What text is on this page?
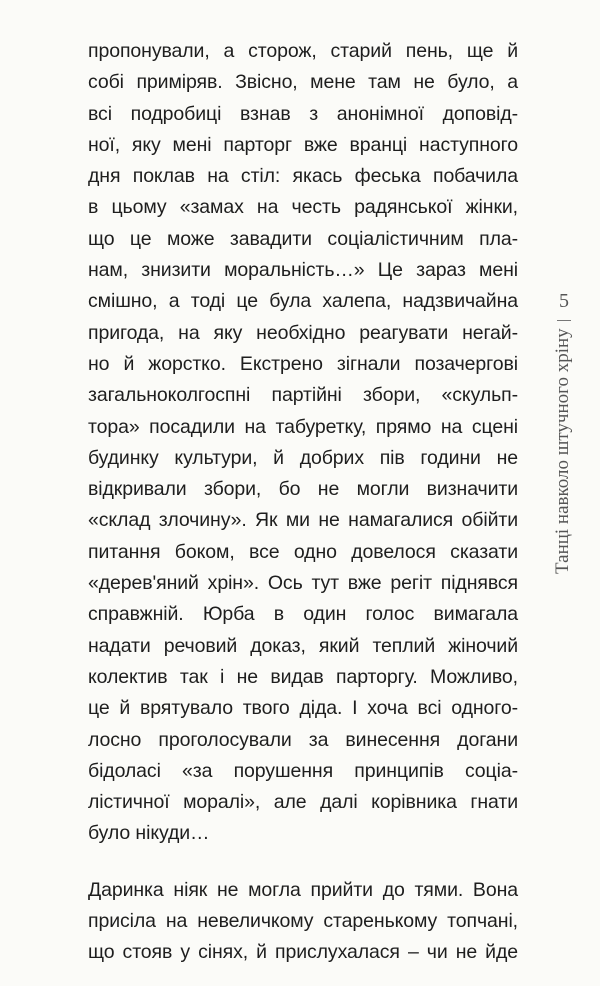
пропонували, а сторож, старий пень, ще й
собі приміряв. Звісно, мене там не було, а
всі подробиці взнав з анонімної доповід-
ної, яку мені парторг вже вранці наступного
дня поклав на стіл: якась феська побачила
в цьому «замах на честь радянської жінки,
що це може завадити соціалістичним пла-
нам, знизити моральність…» Це зараз мені
смішно, а тоді це була халепа, надзвичайна
пригода, на яку необхідно реагувати негай-
но й жорстко. Екстрено зігнали позачергові
загальноколгоспні партійні збори, «скульп-
тора» посадили на табуретку, прямо на сцені
будинку культури, й добрих пів години не
відкривали збори, бо не могли визначити
«склад злочину». Як ми не намагалися обійти
питання боком, все одно довелося сказати
«дерев'яний хрін». Ось тут вже регіт піднявся
справжній. Юрба в один голос вимагала
надати речовий доказ, який теплий жіночий
колектив так і не видав парторгу. Можливо,
це й врятувало твого діда. І хоча всі одного-
лосно проголосували за винесення догани
бідоласі «за порушення принципів соціа-
лістичної моралі», але далі корівника гнати
було нікуди…
Даринка ніяк не могла прийти до тями. Вона
присіла на невеличкому старенькому топчані,
що стояв у сінях, й прислухалася – чи не йде
5
Танці навколо штучного хріну
